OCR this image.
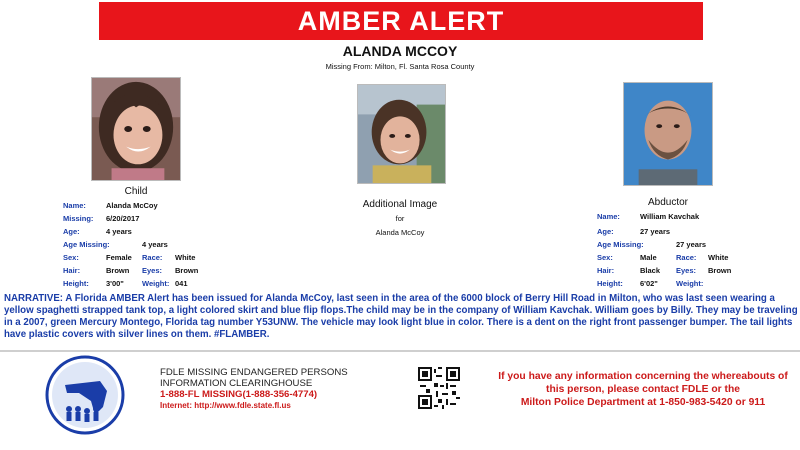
AMBER ALERT
ALANDA MCCOY
Missing From: Milton, Fl. Santa Rosa County
Child
Name:	Alanda McCoy
Missing: 6/20/2017
Age:	4 years
Age Missing:	4 years
Sex:	Female Race: White
Hair:	Brown Eyes: Brown
Height: 3'00" Weight: 041
Additional Image
for
Alanda McCoy
Abductor
Name:	William Kavchak
Age:	27 years
Age Missing:	27 years
Sex:	Male	Race: White
Hair:	Black Eyes: Brown
Height: 6'02" Weight:
NARRATIVE: A Florida AMBER Alert has been issued for Alanda McCoy, last seen in the area of the 6000 block of Berry Hill Road in Milton, who was last seen wearing a yellow spaghetti strapped tank top, a light colored skirt and blue flip flops.The child may be in the company of William Kavchak. William goes by Billy. They may be traveling in a 2007, green Mercury Montego, Florida tag number Y53UNW. The vehicle may look light blue in color. There is a dent on the right front passenger bumper. The tail lights have plastic covers with silver lines on them. #FLAMBER.
FDLE MISSING ENDANGERED PERSONS
INFORMATION CLEARINGHOUSE
1-888-FL MISSING(1-888-356-4774)
Internet: http://www.fdle.state.fl.us
If you have any information concerning the whereabouts of
this person, please contact FDLE or the
Milton Police Department at 1-850-983-5420 or 911
